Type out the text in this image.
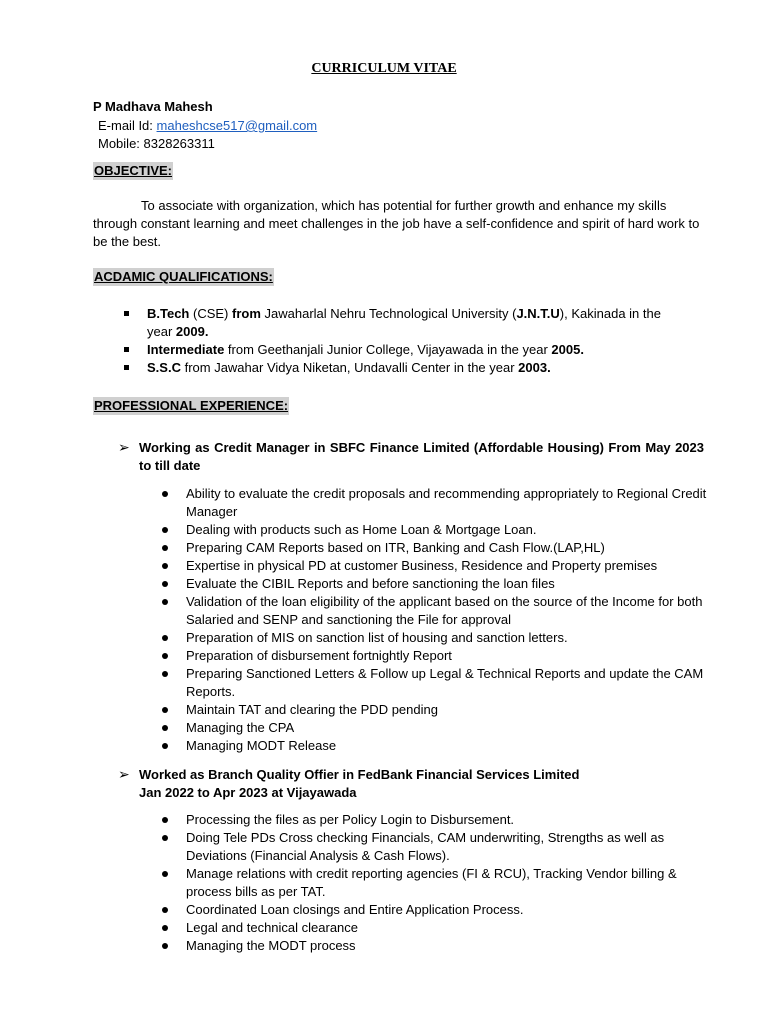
CURRICULUM VITAE
P Madhava Mahesh
E-mail Id: maheshcse517@gmail.com
Mobile: 8328263311
OBJECTIVE:
To associate with organization, which has potential for further growth and enhance my skills through constant learning and meet challenges in the job have a self-confidence and spirit of hard work to be the best.
ACDAMIC QUALIFICATIONS:
B.Tech (CSE) from Jawaharlal Nehru Technological University (J.N.T.U), Kakinada in the year 2009.
Intermediate from Geethanjali Junior College, Vijayawada in the year 2005.
S.S.C from Jawahar Vidya Niketan, Undavalli Center in the year 2003.
PROFESSIONAL EXPERIENCE:
➢ Working as Credit Manager in SBFC Finance Limited (Affordable Housing) From May 2023 to till date
Ability to evaluate the credit proposals and recommending appropriately to Regional Credit Manager
Dealing with products such as Home Loan & Mortgage Loan.
Preparing CAM Reports based on ITR, Banking and Cash Flow.(LAP,HL)
Expertise in physical PD at customer Business, Residence and Property premises
Evaluate the CIBIL Reports and before sanctioning the loan files
Validation of the loan eligibility of the applicant based on the source of the Income for both Salaried and SENP and sanctioning the File for approval
Preparation of MIS on sanction list of housing and sanction letters.
Preparation of disbursement fortnightly Report
Preparing Sanctioned Letters & Follow up Legal & Technical Reports and update the CAM Reports.
Maintain TAT and clearing the PDD pending
Managing the CPA
Managing MODT Release
➢ Worked as Branch Quality Offier in FedBank Financial Services Limited
Jan 2022 to Apr 2023 at Vijayawada
Processing the files as per Policy Login to Disbursement.
Doing Tele PDs Cross checking Financials, CAM underwriting, Strengths as well as Deviations (Financial Analysis & Cash Flows).
Manage relations with credit reporting agencies (FI & RCU), Tracking Vendor billing & process bills as per TAT.
Coordinated Loan closings and Entire Application Process.
Legal and technical clearance
Managing the MODT process
